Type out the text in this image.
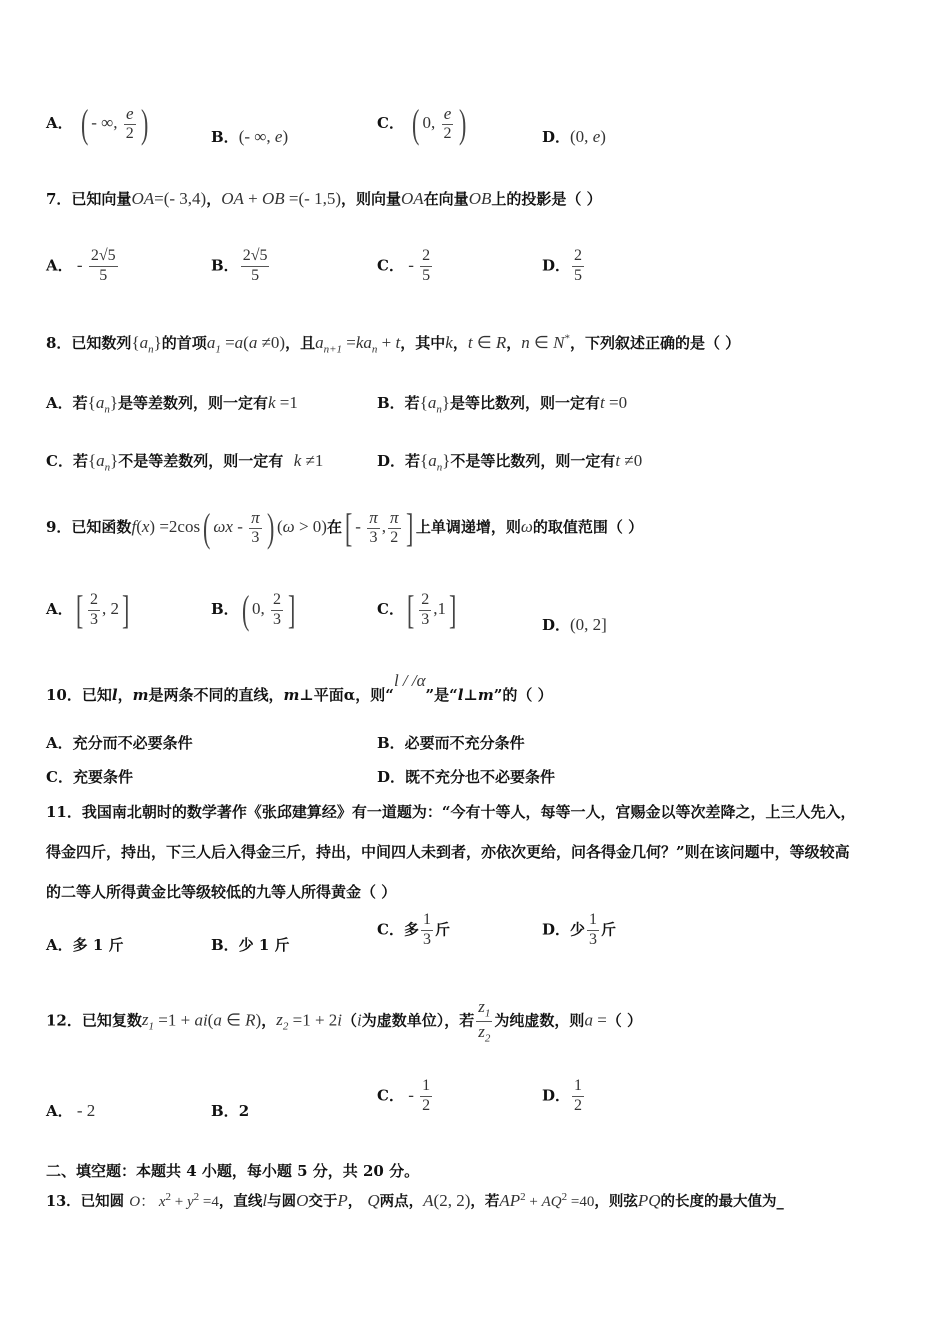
A． ( - ∞, $\frac{e}{2}$ )	B．(- ∞, e)
C． ( 0, $\frac{e}{2}$ )	D．(0, e)
7．已知向量OA=(- 3,4)，OA + OB =(- 1,5)，则向量OA在向量OB上的投影是（ ）
A． - $\frac{2√5}{5}$	B． $\frac{2√5}{5}$	C． - $\frac{2}{5}$	D． $\frac{2}{5}$
8．已知数列$\{a_n\}$的首项$a_1 =a(a \ne 0)$，且$a_{n+1} =ka_n + t$，其中k，t ∈ R，n ∈ N*，下列叙述正确的是（ ）
A．若$\{a_n\}$是等差数列，则一定有k =1	B．若$\{a_n\}$是等比数列，则一定有t =0
C．若$\{a_n\}$不是等差数列，则一定有 k ≠1	D．若$\{a_n\}$不是等比数列，则一定有t ≠0
9．已知函数f(x) =2cos( ωx - $\frac{\pi}{3}$ ) (ω > 0)在[ - $\frac{\pi}{3}$ , $\frac{\pi}{2}$ ] 上单调递增，则ω的取值范围（ ）
A．[ $\frac{2}{3}$ , 2]	B．( 0, $\frac{2}{3}$ ]	C．[ $\frac{2}{3} ,1$]	D．(0, 2]
10．已知l，m是两条不同的直线，m⊥平面α，则“l / /α”是“l⊥m”的（ ）
A．充分而不必要条件	B．必要而不充分条件
C．充要条件	D．既不充分也不必要条件
11．我国南北朝时的数学著作《张邱建算经》有一道题为：“今有十等人，每等一人，宫赐金以等次差降之，上三人先入，
得金四斤，持出，下三人后入得金三斤，持出，中间四人未到者，亦依次更给，问各得金几何？”则在该问题中，等级较高
的二等人所得黄金比等级较低的九等人所得黄金（ ）
A．多 1 斤	B．少 1 斤
C．多 $\frac{1}{3}$ 斤	D．少 $\frac{1}{3}$ 斤
12．已知复数$z_1 =1 + ai(a$ ∈ R)，$z_2 =1 + 2i(i$为虚数单位），若 $\frac{z_1}{z_2}$ 为纯虚数，则a =（ ）
A． - 2	B．2
C． - $\frac{1}{2}$	D． $\frac{1}{2}$
二、填空题：本题共 4 小题，每小题 5 分，共 20 分。
13．已知圆 O： $x^2 + y^2 =4$，直线l与圆O交于P， Q两点，A(2, 2)，若$AP^2 + AQ^2 =40$，则弦PQ的长度的最大值为_
